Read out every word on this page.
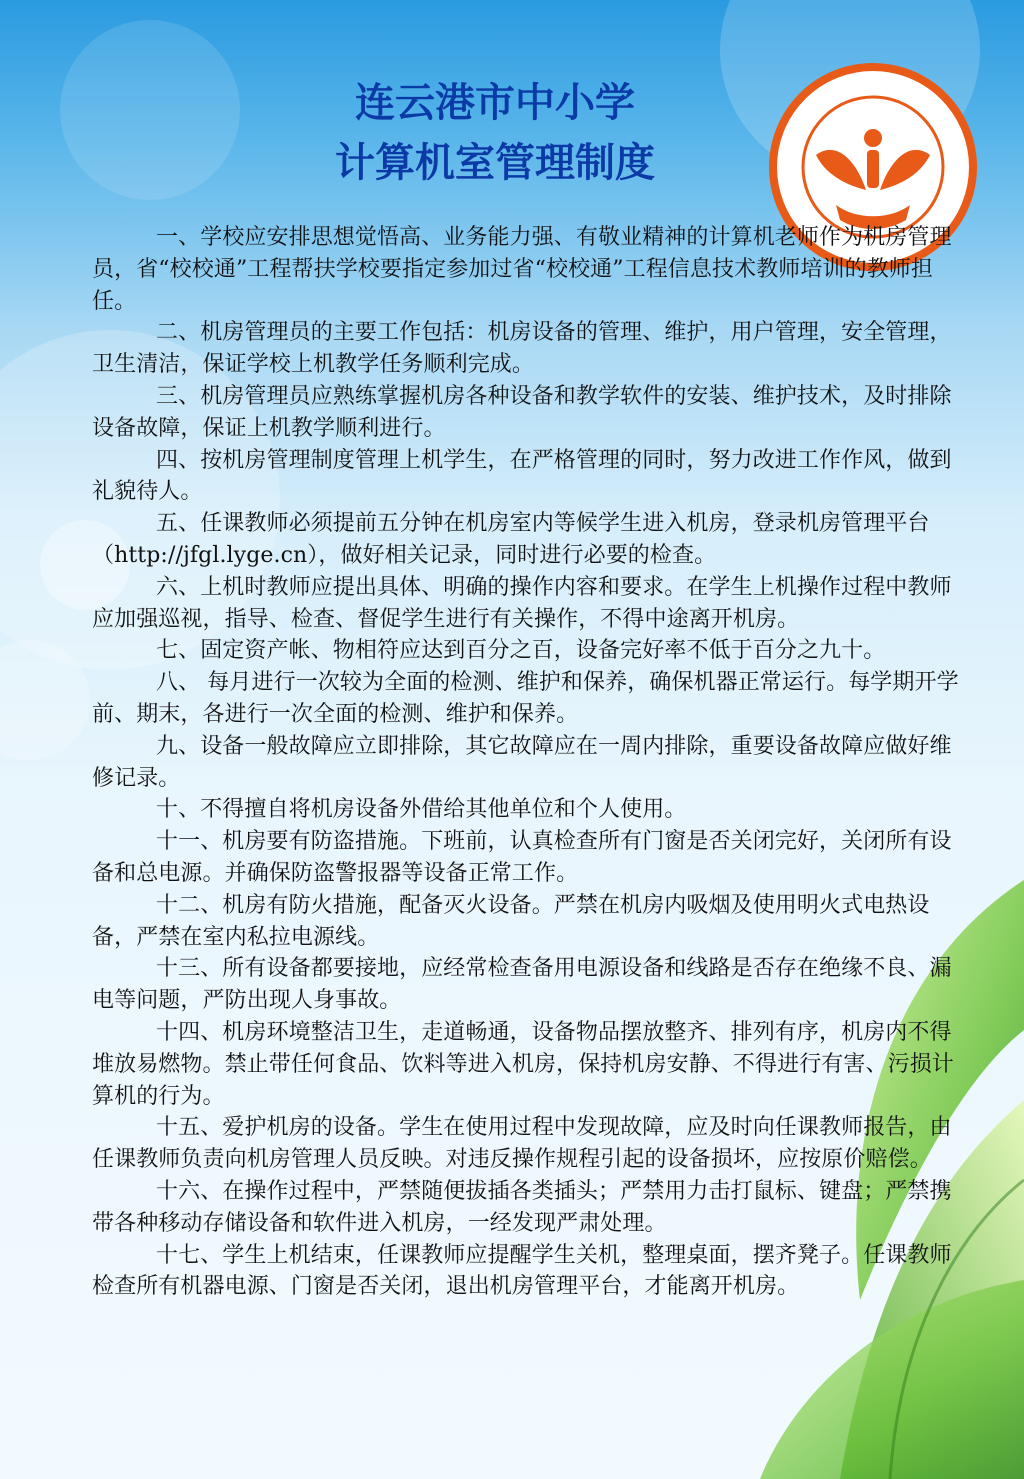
连云港市中小学
计算机室管理制度

一、学校应安排思想觉悟高、业务能力强、有敬业精神的计算机老师作为机房管理员，省“校校通”工程帮扶学校要指定参加过省“校校通”工程信息技术教师培训的教师担任。

二、机房管理员的主要工作包括：机房设备的管理、维护，用户管理，安全管理，卫生清洁，保证学校上机教学任务顺利完成。

三、机房管理员应熟练掌握机房各种设备和教学软件的安装、维护技术，及时排除设备故障，保证上机教学顺利进行。

四、按机房管理制度管理上机学生，在严格管理的同时，努力改进工作作风，做到礼貌待人。

五、任课教师必须提前五分钟在机房室内等候学生进入机房，登录机房管理平台（http://jfgl.lyge.cn），做好相关记录，同时进行必要的检查。

六、上机时教师应提出具体、明确的操作内容和要求。在学生上机操作过程中教师应加强巡视，指导、检查、督促学生进行有关操作，不得中途离开机房。

七、固定资产帐、物相符应达到百分之百，设备完好率不低于百分之九十。

八、 每月进行一次较为全面的检测、维护和保养，确保机器正常运行。每学期开学前、期末，各进行一次全面的检测、维护和保养。

九、设备一般故障应立即排除，其它故障应在一周内排除，重要设备故障应做好维修记录。

十、不得擅自将机房设备外借给其他单位和个人使用。

十一、机房要有防盗措施。下班前，认真检查所有门窗是否关闭完好，关闭所有设备和总电源。并确保防盗警报器等设备正常工作。

十二、机房有防火措施，配备灭火设备。严禁在机房内吸烟及使用明火式电热设备，严禁在室内私拉电源线。

十三、所有设备都要接地，应经常检查备用电源设备和线路是否存在绝缘不良、漏电等问题，严防出现人身事故。

十四、机房环境整洁卫生，走道畅通，设备物品摆放整齐、排列有序，机房内不得堆放易燃物。禁止带任何食品、饮料等进入机房，保持机房安静、不得进行有害、污损计算机的行为。

十五、爱护机房的设备。学生在使用过程中发现故障，应及时向任课教师报告，由任课教师负责向机房管理人员反映。对违反操作规程引起的设备损坏，应按原价赔偿。

十六、在操作过程中，严禁随便拔插各类插头；严禁用力击打鼠标、键盘；严禁携带各种移动存储设备和软件进入机房，一经发现严肃处理。

十七、学生上机结束，任课教师应提醒学生关机，整理桌面，摆齐凳子。任课教师检查所有机器电源、门窗是否关闭，退出机房管理平台，才能离开机房。
